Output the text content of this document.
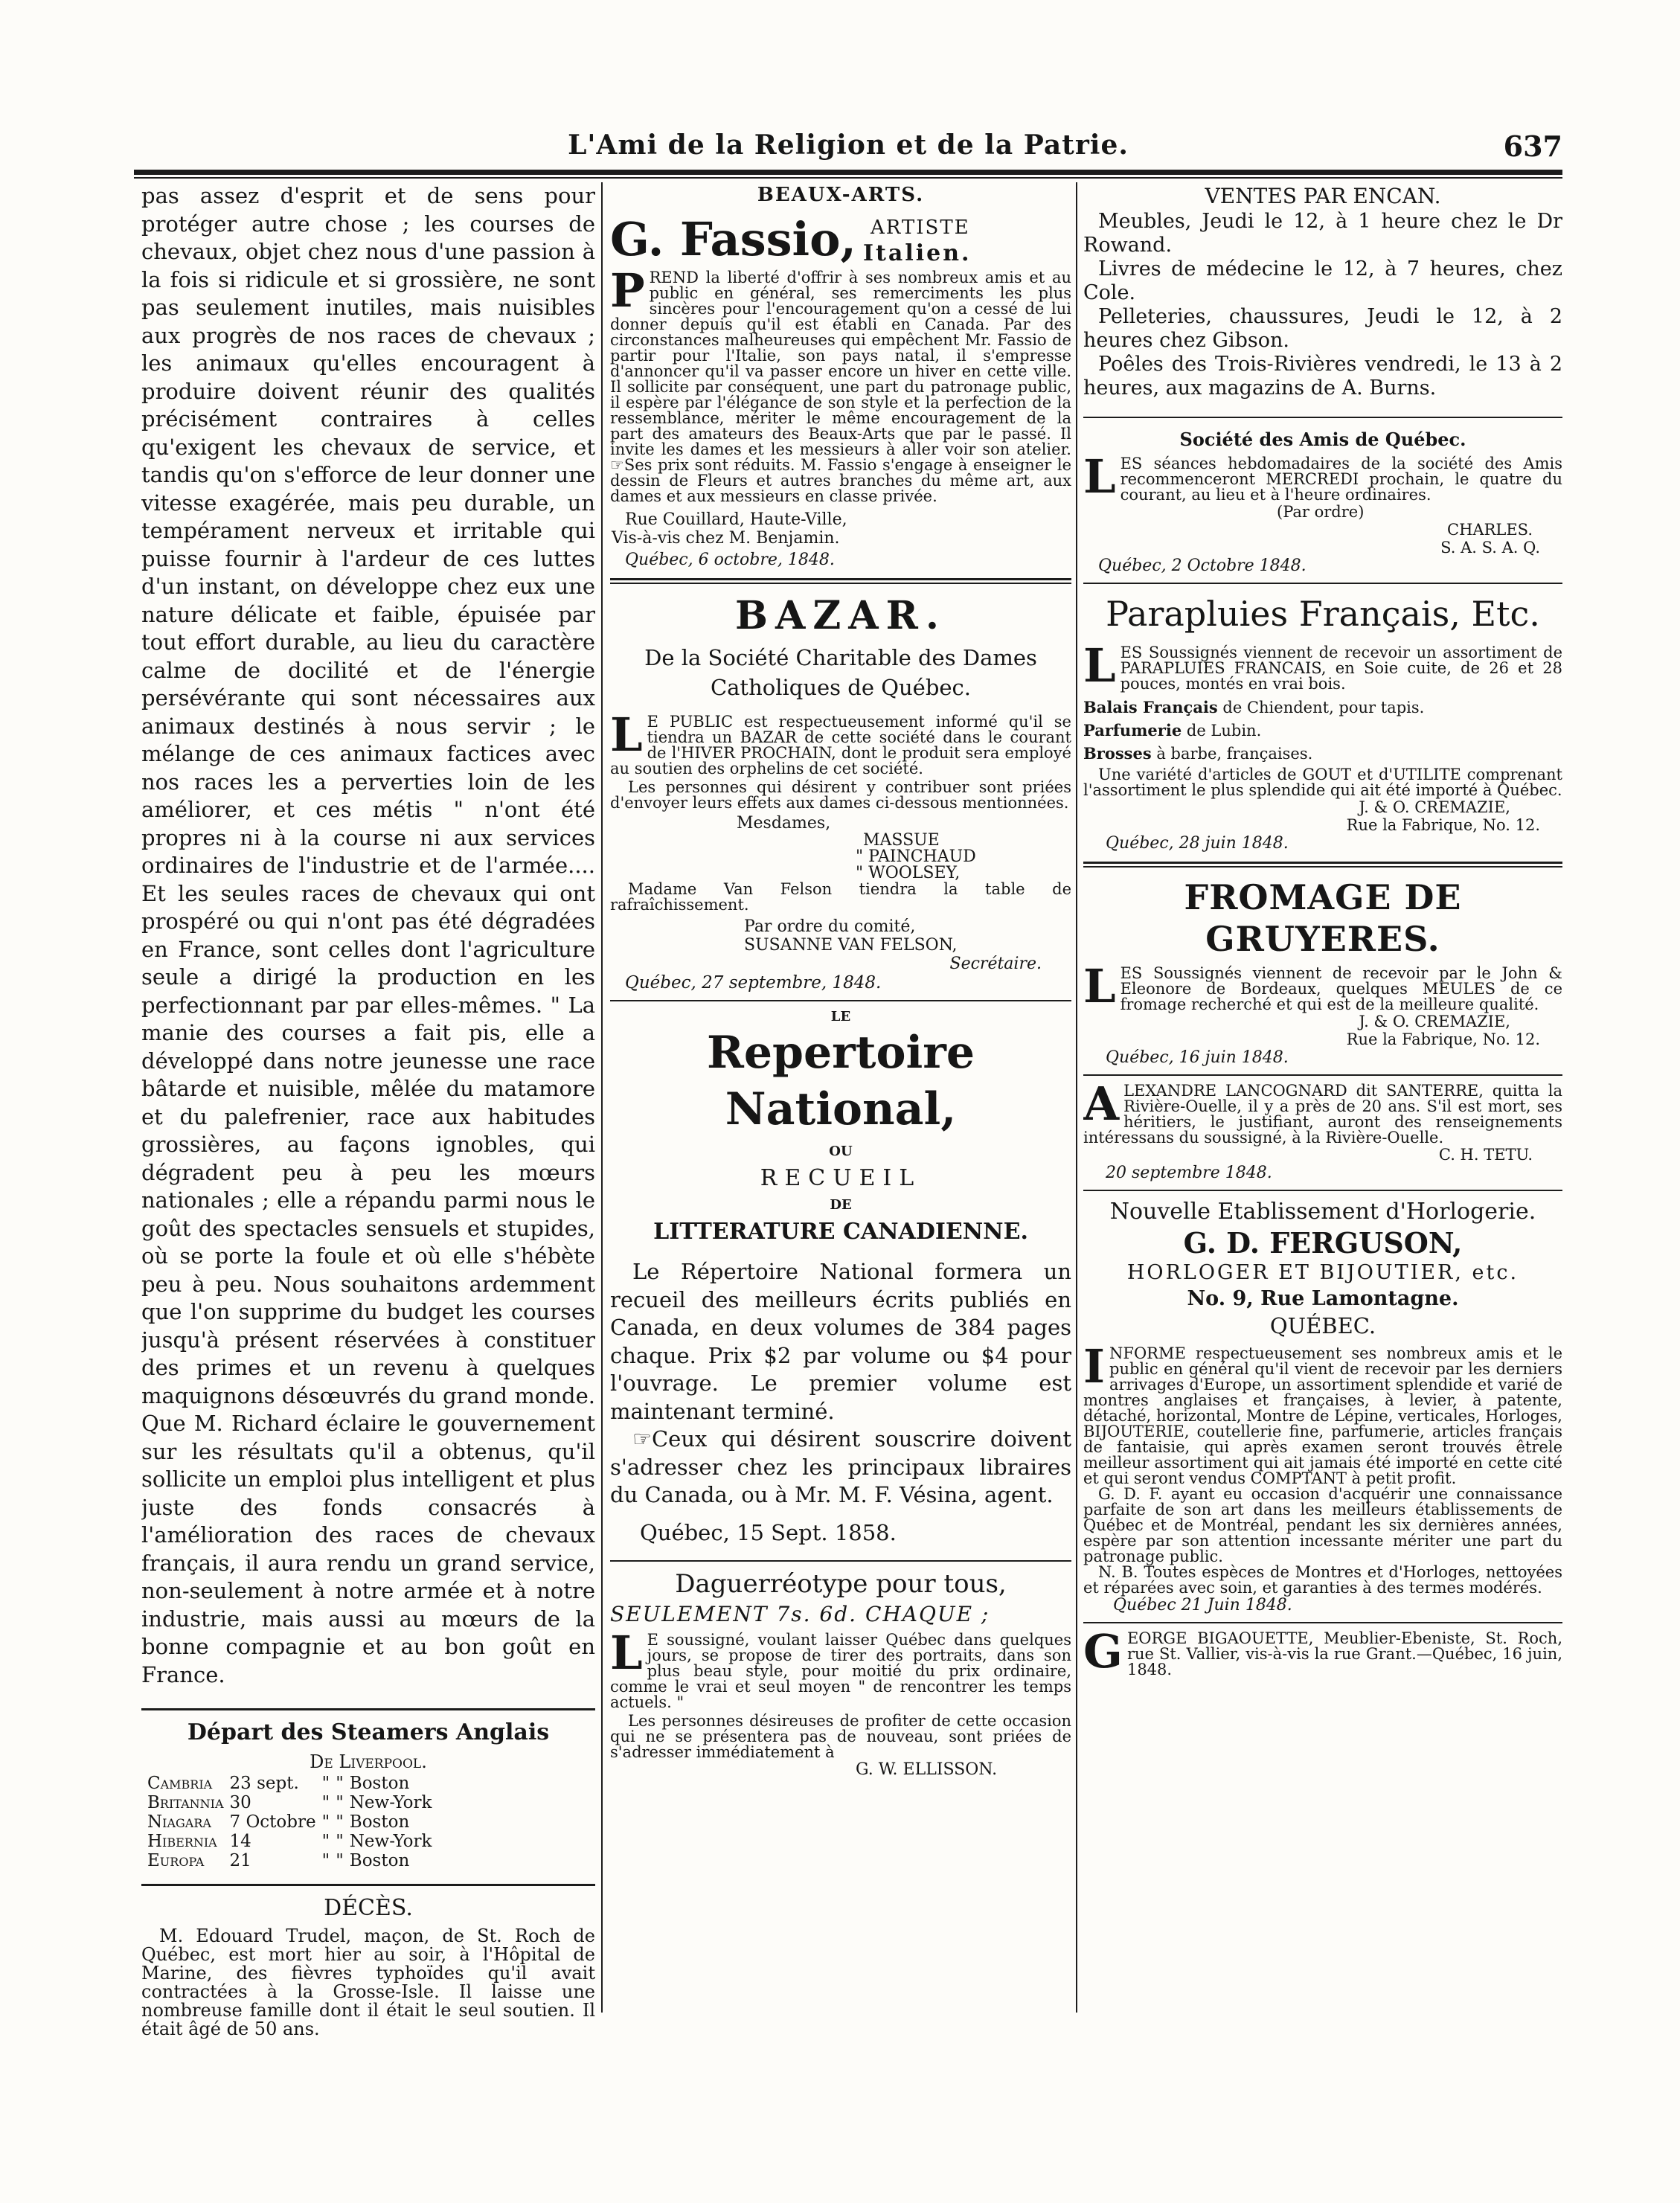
L'Ami de la Religion et de la Patrie.	637

pas assez d'esprit et de sens pour protéger autre chose ; les courses de chevaux, objet chez nous d'une passion à la fois si ridicule et si grossière, ne sont pas seulement inutiles, mais nuisibles aux progrès de nos races de chevaux ; les animaux qu'elles encouragent à produire doivent réunir des qualités précisément contraires à celles qu'exigent les chevaux de service, et tandis qu'on s'efforce de leur donner une vitesse exagérée, mais peu durable, un tempérament nerveux et irritable qui puisse fournir à l'ardeur de ces luttes d'un instant, on développe chez eux une nature délicate et faible, épuisée par tout effort durable, au lieu du caractère calme de docilité et de l'énergie persévérante qui sont nécessaires aux animaux destinés à nous servir ; le mélange de ces animaux factices avec nos races les a perverties loin de les améliorer, et ces métis " n'ont été propres ni à la course ni aux services ordinaires de l'industrie et de l'armée.... Et les seules races de chevaux qui ont prospéré ou qui n'ont pas été dégradées en France, sont celles dont l'agriculture seule a dirigé la production en les perfectionnant par par elles-mêmes. " La manie des courses a fait pis, elle a développé dans notre jeunesse une race bâtarde et nuisible, mêlée du matamore et du palefrenier, race aux habitudes grossières, au façons ignobles, qui dégradent peu à peu les mœurs nationales ; elle a répandu parmi nous le goût des spectacles sensuels et stupides, où se porte la foule et où elle s'hébète peu à peu. Nous souhaitons ardemment que l'on supprime du budget les courses jusqu'à présent réservées à constituer des primes et un revenu à quelques maquignons désœuvrés du grand monde. Que M. Richard éclaire le gouvernement sur les résultats qu'il a obtenus, qu'il sollicite un emploi plus intelligent et plus juste des fonds consacrés à l'amélioration des races de chevaux français, il aura rendu un grand service, non-seulement à notre armée et à notre industrie, mais aussi au mœurs de la bonne compagnie et au bon goût en France.

Départ des Steamers Anglais

De Liverpool.

Cambria	23 sept.	"	"	Boston
Britannia	30	"	"	New-York
Niagara	7 Octobre	"	"	Boston
Hibernia	14	"	"	New-York
Europa	21	"	"	Boston

DÉCÈS.

M. Edouard Trudel, maçon, de St. Roch de Québec, est mort hier au soir, à l'Hôpital de Marine, des fièvres typhoïdes qu'il avait contractées à la Grosse-Isle. Il laisse une nombreuse famille dont il était le seul soutien. Il était âgé de 50 ans.

BEAUX-ARTS.

G. Fassio, ARTISTE
Italien.
P REND la liberté d'offrir à ses nombreux amis et au public en général, ses remerciments les plus sincères pour l'encouragement qu'on a cessé de lui donner depuis qu'il est établi en Canada. Par des circonstances malheureuses qui empêchent Mr. Fassio de partir pour l'Italie, son pays natal, il s'empresse d'annoncer qu'il va passer encore un hiver en cette ville. Il sollicite par conséquent, une part du patronage public, il espère par l'élégance de son style et la perfection de la ressemblance, mériter le même encouragement de la part des amateurs des Beaux-Arts que par le passé. Il invite les dames et les messieurs à aller voir son atelier. ☞Ses prix sont réduits. M. Fassio s'engage à enseigner le dessin de Fleurs et autres branches du même art, aux dames et aux messieurs en classe privée.

Rue Couillard, Haute-Ville,

Vis-à-vis chez M. Benjamin.

Québec, 6 octobre, 1848.

BAZAR.

De la Société Charitable des Dames Catholiques de Québec.

L E PUBLIC est respectueusement informé qu'il se tiendra un BAZAR de cette société dans le courant de l'HIVER PROCHAIN, dont le produit sera employé au soutien des orphelins de cet société.

Les personnes qui désirent y contribuer sont priées d'envoyer leurs effets aux dames ci-dessous mentionnées.

Mesdames,

MASSUE

" PAINCHAUD

" WOOLSEY,

Madame Van Felson tiendra la table de rafraîchissement.

Par ordre du comité,

SUSANNE VAN FELSON,

Secrétaire.

Québec, 27 septembre, 1848.

LE

Repertoire National,

OU

RECUEIL

DE

LITTERATURE CANADIENNE.

Le Répertoire National formera un recueil des meilleurs écrits publiés en Canada, en deux volumes de 384 pages chaque. Prix $2 par volume ou $4 pour l'ouvrage. Le premier volume est maintenant terminé.

☞Ceux qui désirent souscrire doivent s'adresser chez les principaux libraires du Canada, ou à Mr. M. F. Vésina, agent.

Québec, 15 Sept. 1858.

Daguerréotype pour tous,

SEULEMENT 7s. 6d. CHAQUE ;

L E soussigné, voulant laisser Québec dans quelques jours, se propose de tirer des portraits, dans son plus beau style, pour moitié du prix ordinaire, comme le vrai et seul moyen " de rencontrer les temps actuels. "

Les personnes désireuses de profiter de cette occasion qui ne se présentera pas de nouveau, sont priées de s'adresser immédiatement à

G. W. ELLISSON.

VENTES PAR ENCAN.

Meubles, Jeudi le 12, à 1 heure chez le Dr Rowand.

Livres de médecine le 12, à 7 heures, chez Cole.

Pelleteries, chaussures, Jeudi le 12, à 2 heures chez Gibson.

Poêles des Trois-Rivières vendredi, le 13 à 2 heures, aux magazins de A. Burns.

Société des Amis de Québec.

L ES séances hebdomadaires de la société des Amis recommenceront MERCREDI prochain, le quatre du courant, au lieu et à l'heure ordinaires.

(Par ordre)

CHARLES.

S. A. S. A. Q.

Québec, 2 Octobre 1848.

Parapluies Français, Etc.

L ES Soussignés viennent de recevoir un assortiment de PARAPLUIES FRANCAIS, en Soie cuite, de 26 et 28 pouces, montés en vrai bois.

Balais Français de Chiendent, pour tapis.

Parfumerie de Lubin.

Brosses à barbe, françaises.

Une variété d'articles de GOUT et d'UTILITE comprenant l'assortiment le plus splendide qui ait été importé à Québec.

J. & O. CREMAZIE,

Rue la Fabrique, No. 12.

Québec, 28 juin 1848.

FROMAGE DE GRUYERES.

L ES Soussignés viennent de recevoir par le John & Eleonore de Bordeaux, quelques MEULES de ce fromage recherché et qui est de la meilleure qualité.

J. & O. CREMAZIE,

Rue la Fabrique, No. 12.

Québec, 16 juin 1848.

A LEXANDRE LANCOGNARD dit SANTERRE, quitta la Rivière-Ouelle, il y a près de 20 ans. S'il est mort, ses héritiers, le justifiant, auront des renseignements intéressans du soussigné, à la Rivière-Ouelle.

C. H. TETU.

20 septembre 1848.

Nouvelle Etablissement d'Horlogerie.

G. D. FERGUSON,

HORLOGER ET BIJOUTIER, etc.

No. 9, Rue Lamontagne.

QUÉBEC.

I NFORME respectueusement ses nombreux amis et le public en général qu'il vient de recevoir par les derniers arrivages d'Europe, un assortiment splendide et varié de montres anglaises et françaises, à levier, à patente, détaché, horizontal, Montre de Lépine, verticales, Horloges, BIJOUTERIE, coutellerie fine, parfumerie, articles français de fantaisie, qui après examen seront trouvés êtrele meilleur assortiment qui ait jamais été importé en cette cité et qui seront vendus COMPTANT à petit profit.

G. D. F. ayant eu occasion d'acquérir une connaissance parfaite de son art dans les meilleurs établissements de Québec et de Montréal, pendant les six dernières années, espère par son attention incessante mériter une part du patronage public.

N. B. Toutes espèces de Montres et d'Horloges, nettoyées et réparées avec soin, et garanties à des termes modérés.

Québec 21 Juin 1848.

G EORGE BIGAOUETTE, Meublier-Ebeniste, St. Roch, rue St. Vallier, vis-à-vis la rue Grant.—Québec, 16 juin, 1848.
